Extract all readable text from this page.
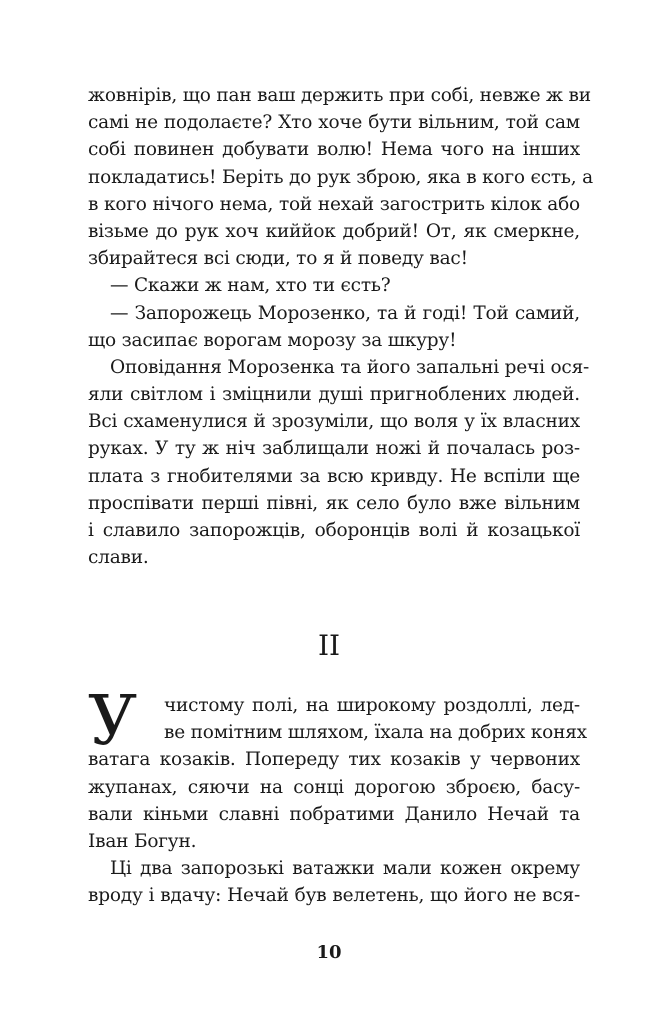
жовнірів, що пан ваш держить при собі, невже ж ви
самі не подолаєте? Хто хоче бути вільним, той сам
собі повинен добувати волю! Нема чого на інших
покладатись! Беріть до рук зброю, яка в кого єсть, а
в кого нічого нема, той нехай загострить кілок або
візьме до рук хоч киййок добрий! От, як смеркне,
збирайтеся всі сюди, то я й поведу вас!
— Скажи ж нам, хто ти єсть?
— Запорожець Морозенко, та й годі! Той самий,
що засипає ворогам морозу за шкуру!
Оповідання Морозенка та його запальні речі ося-
яли світлом і зміцнили душі пригноблених людей.
Всі схаменулися й зрозуміли, що воля у їх власних
руках. У ту ж ніч заблищали ножі й почалась роз-
плата з гнобителями за всю кривду. Не вспіли ще
проспівати перші півні, як село було вже вільним
і славило запорожців, оборонців волі й козацької
слави.
II
У	чистому полі, на широкому роздоллі, лед-
ве помітним шляхом, їхала на добрих конях
ватага козаків. Попереду тих козаків у червоних
жупанах, сяючи на сонці дорогою зброєю, басу-
вали кіньми славні побратими Данило Нечай та
Іван Богун.
Ці два запорозькі ватажки мали кожен окрему
вроду і вдачу: Нечай був велетень, що його не вся-
10
